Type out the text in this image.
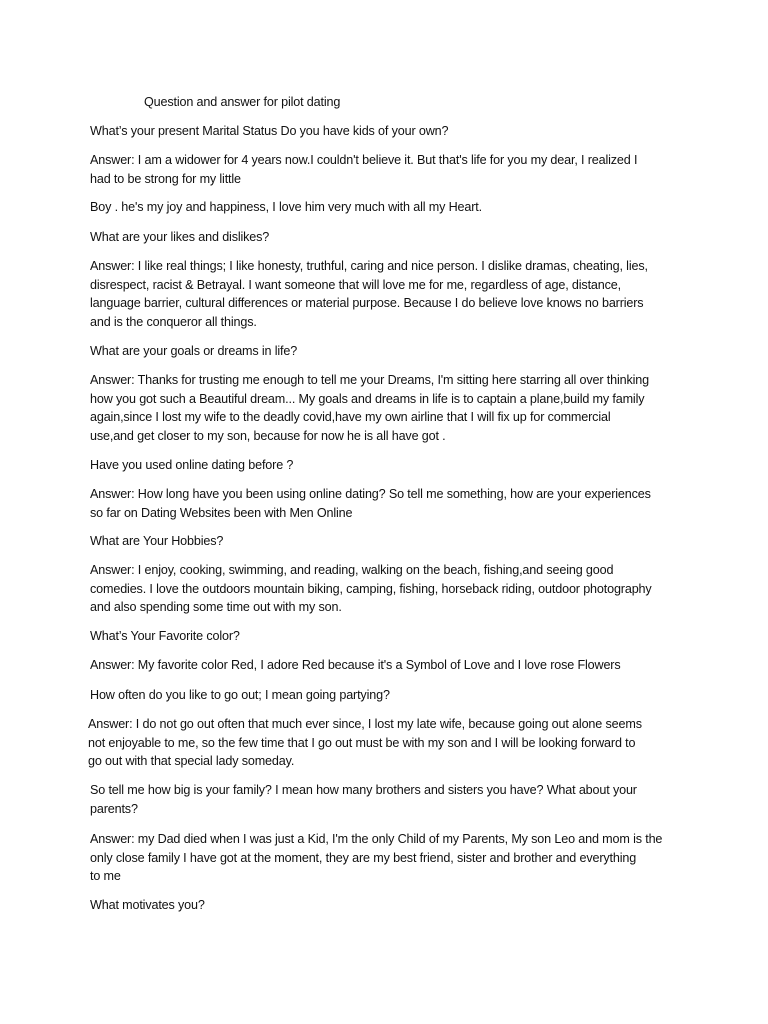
Question and answer for pilot dating

What’s your present Marital Status Do you have kids of your own?

Answer: I am a widower for 4 years now.I couldn't believe it. But that's life for you my dear, I realized I
had to be strong for my little

Boy . he's my joy and happiness, I love him very much with all my Heart.

What are your likes and dislikes?

Answer: I like real things; I like honesty, truthful, caring and nice person. I dislike dramas, cheating, lies,
disrespect, racist & Betrayal. I want someone that will love me for me, regardless of age, distance,
language barrier, cultural differences or material purpose. Because I do believe love knows no barriers
and is the conqueror all things.

What are your goals or dreams in life?

Answer: Thanks for trusting me enough to tell me your Dreams, I'm sitting here starring all over thinking
how you got such a Beautiful dream... My goals and dreams in life is to captain a plane,build my family
again,since I lost my wife to the deadly covid,have my own airline that I will fix up for commercial
use,and get closer to my son, because for now he is all have got .

Have you used online dating before ?

Answer: How long have you been using online dating? So tell me something, how are your experiences
so far on Dating Websites been with Men Online

What are Your Hobbies?

Answer: I enjoy, cooking, swimming, and reading, walking on the beach, fishing,and seeing good
comedies. I love the outdoors mountain biking, camping, fishing, horseback riding, outdoor photography
and also spending some time out with my son.

What’s Your Favorite color?

Answer: My favorite color Red, I adore Red because it's a Symbol of Love and I love rose Flowers

How often do you like to go out; I mean going partying?

Answer: I do not go out often that much ever since, I lost my late wife, because going out alone seems
not enjoyable to me, so the few time that I go out must be with my son and I will be looking forward to
go out with that special lady someday.

So tell me how big is your family? I mean how many brothers and sisters you have? What about your
parents?

Answer: my Dad died when I was just a Kid, I'm the only Child of my Parents, My son Leo and mom is the
only close family I have got at the moment, they are my best friend, sister and brother and everything
to me

What motivates you?
